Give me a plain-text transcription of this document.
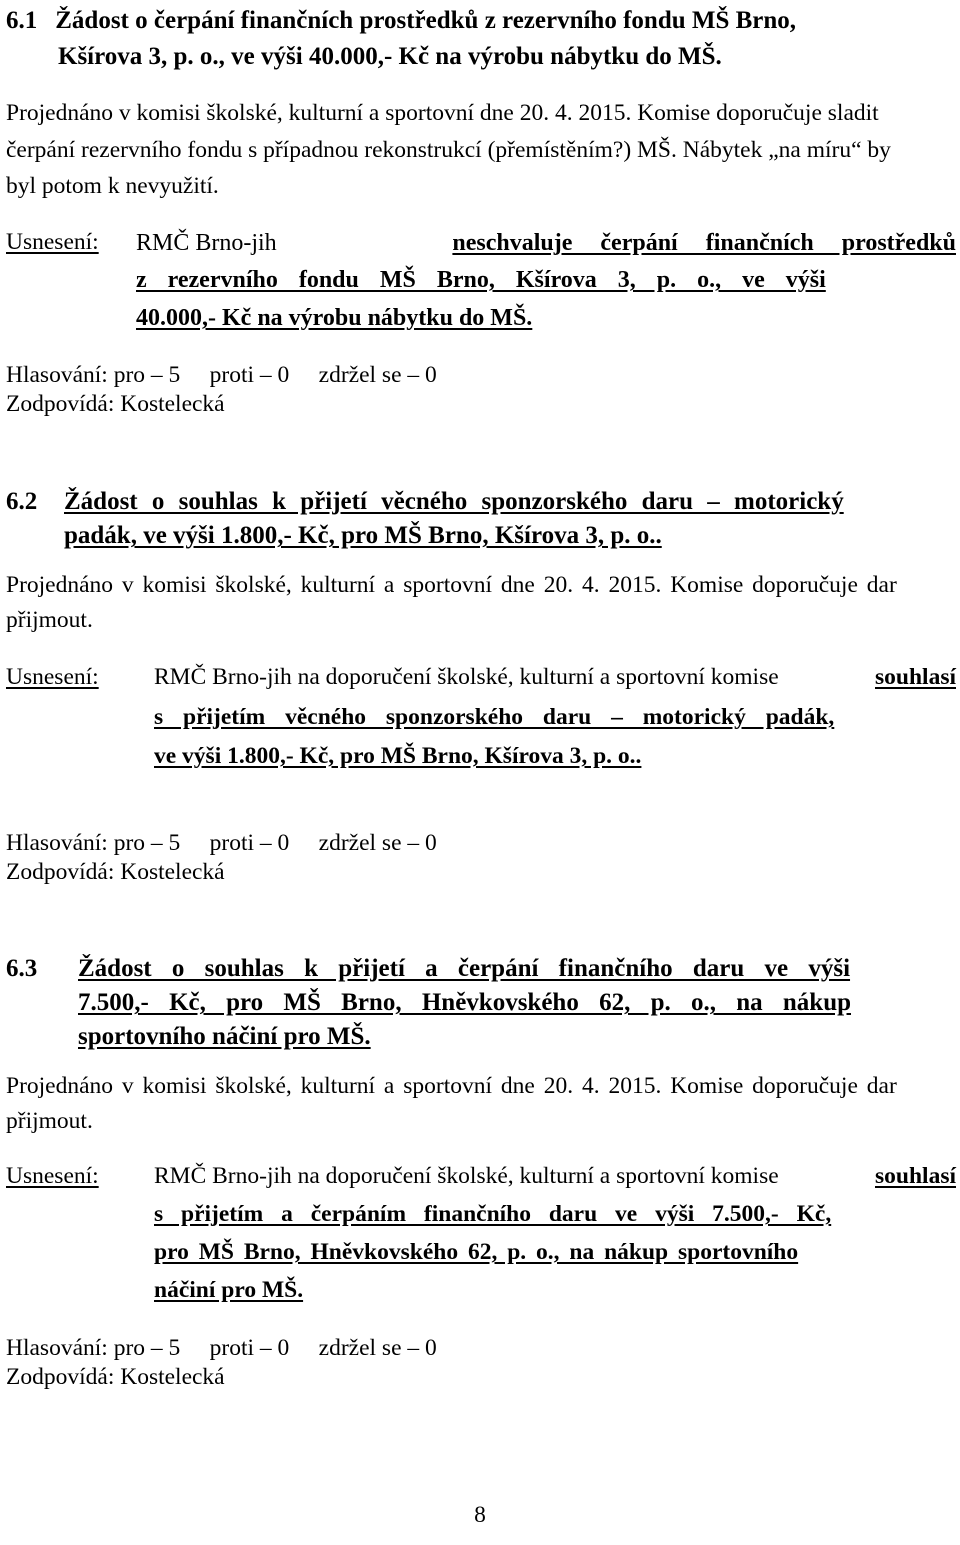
6.1 Žádost o čerpání finančních prostředků z rezervního fondu MŠ Brno,
Kšírova 3, p. o., ve výši 40.000,- Kč na výrobu nábytku do MŠ.
Projednáno v komisi školské, kulturní a sportovní dne 20. 4. 2015. Komise doporučuje sladit
čerpání rezervního fondu s případnou rekonstrukcí (přemístěním?) MŠ. Nábytek „na míru“ by
byl potom k nevyužití.
Usnesení: RMČ Brno-jih	neschvaluje čerpání finančních prostředků
z rezervního fondu MŠ Brno, Kšírova 3, p. o., ve výši
40.000,- Kč na výrobu nábytku do MŠ.
Hlasování: pro – 5     proti – 0     zdržel se – 0
Zodpovídá: Kostelecká
6.2 Žádost o souhlas k přijetí věcného sponzorského daru – motorický
padák, ve výši 1.800,- Kč, pro MŠ Brno, Kšírova 3, p. o..
Projednáno v komisi školské, kulturní a sportovní dne 20. 4. 2015. Komise doporučuje dar
přijmout.
Usnesení: RMČ Brno-jih na doporučení školské, kulturní a sportovní komise	souhlasí
s přijetím věcného sponzorského daru – motorický padák,
ve výši 1.800,- Kč, pro MŠ Brno, Kšírova 3, p. o..
Hlasování: pro – 5     proti – 0     zdržel se – 0
Zodpovídá: Kostelecká
6.3 Žádost o souhlas k přijetí a čerpání finančního daru ve výši
7.500,- Kč, pro MŠ Brno, Hněvkovského 62, p. o., na nákup
sportovního náčiní pro MŠ.
Projednáno v komisi školské, kulturní a sportovní dne 20. 4. 2015. Komise doporučuje dar
přijmout.
Usnesení: RMČ Brno-jih na doporučení školské, kulturní a sportovní komise	souhlasí
s přijetím a čerpáním finančního daru ve výši 7.500,- Kč,
pro MŠ Brno, Hněvkovského 62, p. o., na nákup sportovního
náčiní pro MŠ.
Hlasování: pro – 5     proti – 0     zdržel se – 0
Zodpovídá: Kostelecká
8
